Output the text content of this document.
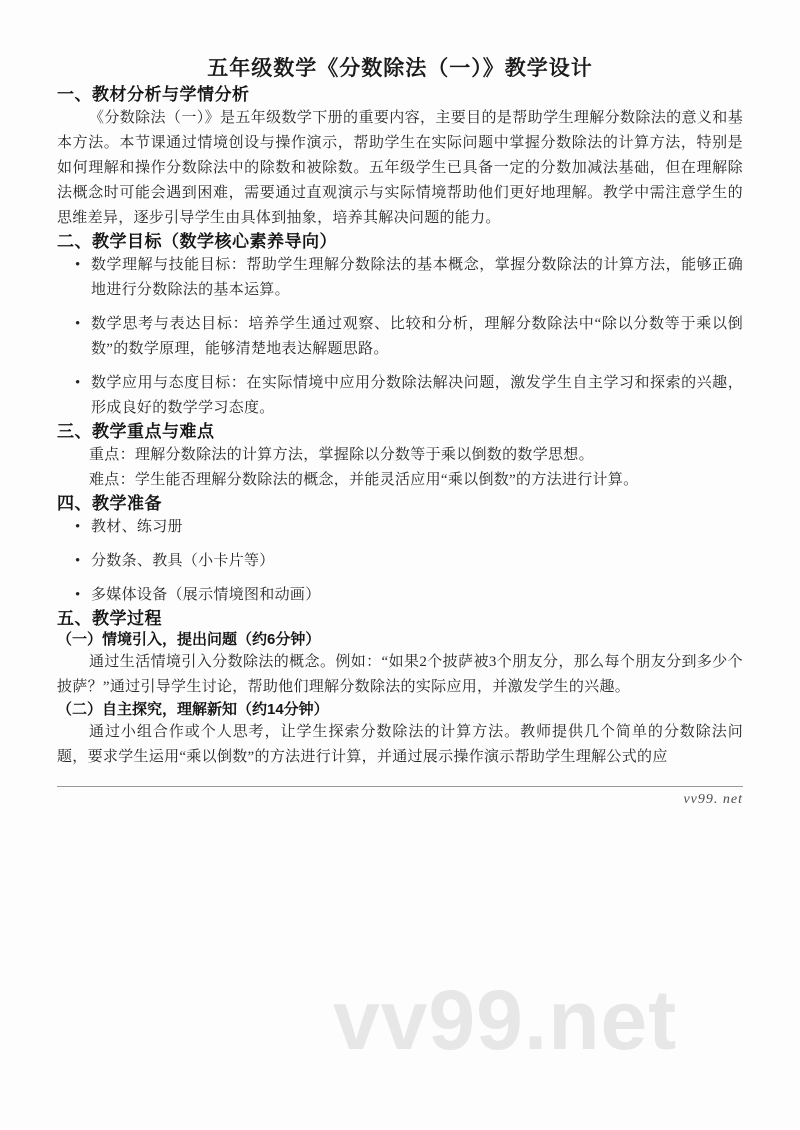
vv99.net
五年级数学《分数除法（一）》教学设计
一、教材分析与学情分析

《分数除法（一）》是五年级数学下册的重要内容，主要目的是帮助学生理解分数除法的意义和基本方法。本节课通过情境创设与操作演示，帮助学生在实际问题中掌握分数除法的计算方法，特别是如何理解和操作分数除法中的除数和被除数。五年级学生已具备一定的分数加减法基础，但在理解除法概念时可能会遇到困难，需要通过直观演示与实际情境帮助他们更好地理解。教学中需注意学生的思维差异，逐步引导学生由具体到抽象，培养其解决问题的能力。

二、教学目标（数学核心素养导向）
• 数学理解与技能目标：帮助学生理解分数除法的基本概念，掌握分数除法的计算方法，能够正确地进行分数除法的基本运算。
• 数学思考与表达目标：培养学生通过观察、比较和分析，理解分数除法中“除以分数等于乘以倒数”的数学原理，能够清楚地表达解题思路。
• 数学应用与态度目标：在实际情境中应用分数除法解决问题，激发学生自主学习和探索的兴趣，形成良好的数学学习态度。
三、教学重点与难点

重点：理解分数除法的计算方法，掌握除以分数等于乘以倒数的数学思想。

难点：学生能否理解分数除法的概念，并能灵活应用“乘以倒数”的方法进行计算。

四、教学准备
• 教材、练习册
• 分数条、教具（小卡片等）
• 多媒体设备（展示情境图和动画）
五、教学过程
（一）情境引入，提出问题（约6分钟）

通过生活情境引入分数除法的概念。例如：“如果2个披萨被3个朋友分，那么每个朋友分到多少个披萨？”通过引导学生讨论，帮助他们理解分数除法的实际应用，并激发学生的兴趣。

（二）自主探究，理解新知（约14分钟）

通过小组合作或个人思考，让学生探索分数除法的计算方法。教师提供几个简单的分数除法问题，要求学生运用“乘以倒数”的方法进行计算，并通过展示操作演示帮助学生理解公式的应

vv99. net
